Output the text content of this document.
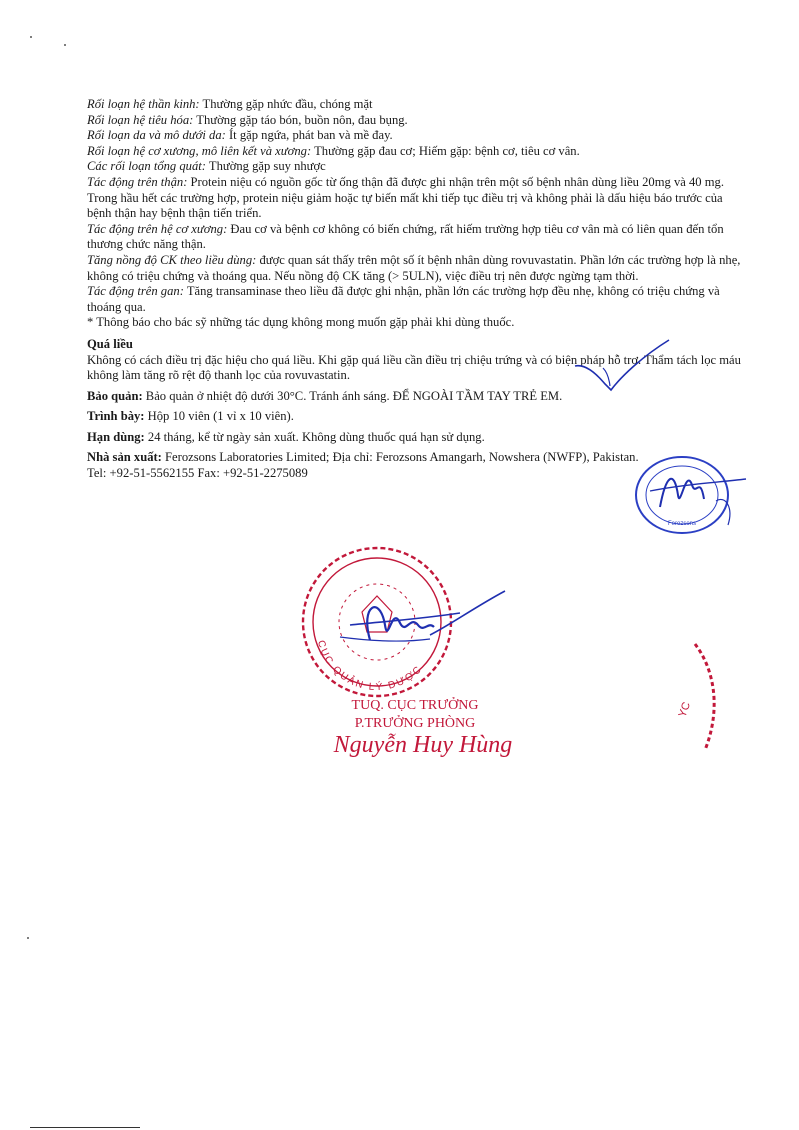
Rối loạn hệ thần kinh: Thường gặp nhức đầu, chóng mặt

Rối loạn hệ tiêu hóa: Thường gặp táo bón, buồn nôn, đau bụng.

Rối loạn da và mô dưới da: Ít gặp ngứa, phát ban và mề đay.

Rối loạn hệ cơ xương, mô liên kết và xương: Thường gặp đau cơ; Hiếm gặp: bệnh cơ, tiêu cơ vân.

Các rối loạn tổng quát: Thường gặp suy nhược

Tác động trên thận: Protein niệu có nguồn gốc từ ống thận đã được ghi nhận trên một số bệnh nhân dùng liều 20mg và 40 mg. Trong hầu hết các trường hợp, protein niệu giảm hoặc tự biến mất khi tiếp tục điều trị và không phải là dấu hiệu báo trước của bệnh thận hay bệnh thận tiến triển.

Tác động trên hệ cơ xương: Đau cơ và bệnh cơ không có biến chứng, rất hiếm trường hợp tiêu cơ vân mà có liên quan đến tổn thương chức năng thận.

Tăng nồng độ CK theo liều dùng: được quan sát thấy trên một số ít bệnh nhân dùng rovuvastatin. Phần lớn các trường hợp là nhẹ, không có triệu chứng và thoáng qua. Nếu nồng độ CK tăng (> 5ULN), việc điều trị nên được ngừng tạm thời.

Tác động trên gan: Tăng transaminase theo liều đã được ghi nhận, phần lớn các trường hợp đều nhẹ, không có triệu chứng và thoáng qua.

* Thông báo cho bác sỹ những tác dụng không mong muốn gặp phải khi dùng thuốc.

Quá liều

Không có cách điều trị đặc hiệu cho quá liều. Khi gặp quá liều cần điều trị chiệu trứng và có biện pháp hỗ trợ. Thẩm tách lọc máu không làm tăng rõ rệt độ thanh lọc của rovuvastatin.

Bảo quản: Bảo quản ở nhiệt độ dưới 30°C. Tránh ánh sáng. ĐỂ NGOÀI TẦM TAY TRẺ EM.

Trình bày: Hộp 10 viên (1 vỉ x 10 viên).

Hạn dùng: 24 tháng, kể từ ngày sản xuất. Không dùng thuốc quá hạn sử dụng.

Nhà sản xuất: Ferozsons Laboratories Limited; Địa chỉ: Ferozsons Amangarh, Nowshera (NWFP), Pakistan.

Tel: +92-51-5562155 Fax: +92-51-2275089

Ferozsons
CỤC QUẢN LÝ DƯỢC
TUQ. CỤC TRƯỞNG
P.TRƯỞNG PHÒNG
Nguyễn Huy Hùng
YC
